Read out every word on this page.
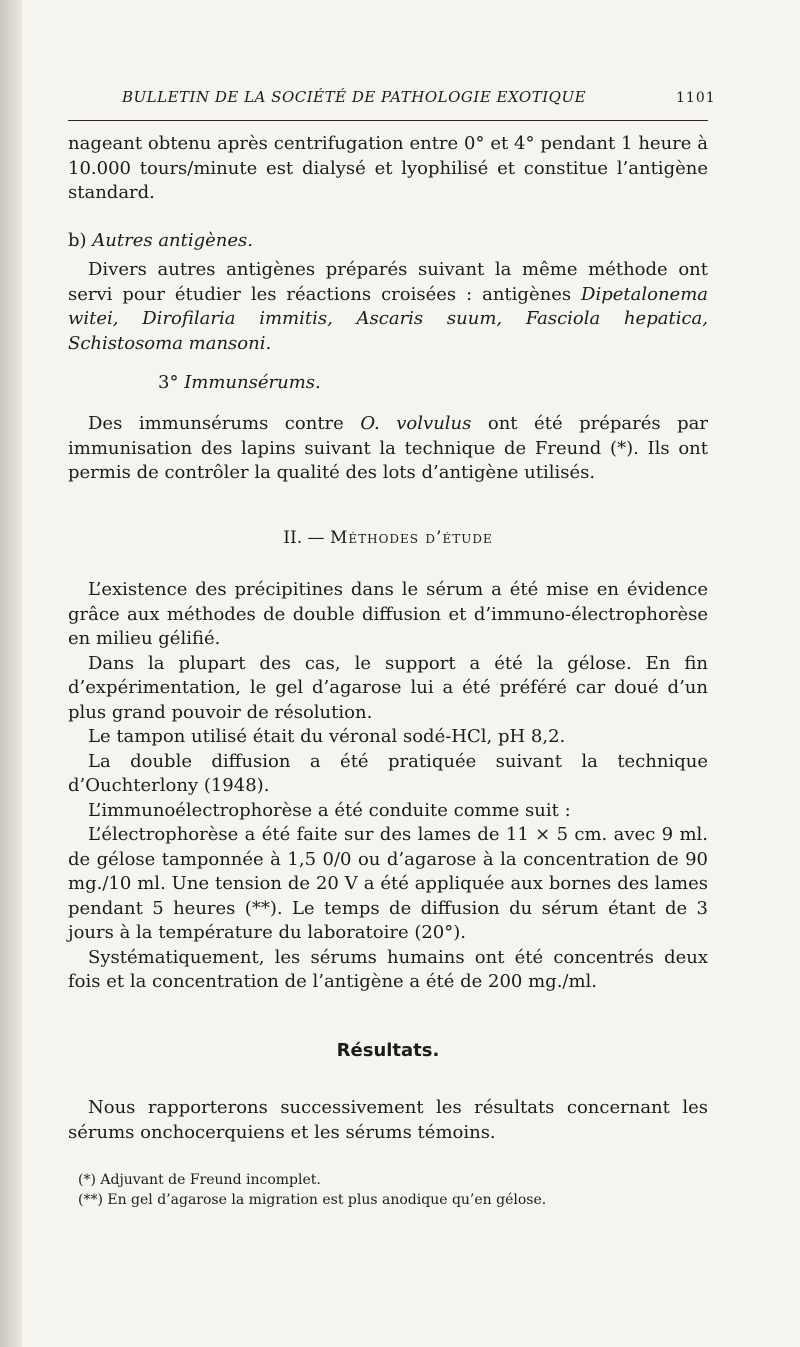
BULLETIN DE LA SOCIÉTÉ DE PATHOLOGIE EXOTIQUE	1101

nageant obtenu après centrifugation entre 0° et 4° pendant 1 heure à 10.000 tours/minute est dialysé et lyophilisé et constitue l’antigène standard.

b) Autres antigènes.

Divers autres antigènes préparés suivant la même méthode ont servi pour étudier les réactions croisées : antigènes Dipetalonema witei, Dirofilaria immitis, Ascaris suum, Fasciola hepatica, Schistosoma mansoni.

3° Immunsérums.

Des immunsérums contre O. volvulus ont été préparés par immunisation des lapins suivant la technique de Freund (*). Ils ont permis de contrôler la qualité des lots d’antigène utilisés.

II. — Méthodes d’étude

L’existence des précipitines dans le sérum a été mise en évidence grâce aux méthodes de double diffusion et d’immuno-électrophorèse en milieu gélifié.

Dans la plupart des cas, le support a été la gélose. En fin d’expérimentation, le gel d’agarose lui a été préféré car doué d’un plus grand pouvoir de résolution.

Le tampon utilisé était du véronal sodé-HCl, pH 8,2.

La double diffusion a été pratiquée suivant la technique d’Ouchterlony (1948).

L’immunoélectrophorèse a été conduite comme suit :

L’électrophorèse a été faite sur des lames de 11 × 5 cm. avec 9 ml. de gélose tamponnée à 1,5 0/0 ou d’agarose à la concentration de 90 mg./10 ml. Une tension de 20 V a été appliquée aux bornes des lames pendant 5 heures (**). Le temps de diffusion du sérum étant de 3 jours à la température du laboratoire (20°).

Systématiquement, les sérums humains ont été concentrés deux fois et la concentration de l’antigène a été de 200 mg./ml.

Résultats.

Nous rapporterons successivement les résultats concernant les sérums onchocerquiens et les sérums témoins.

(*) Adjuvant de Freund incomplet.
(**) En gel d’agarose la migration est plus anodique qu’en gélose.
